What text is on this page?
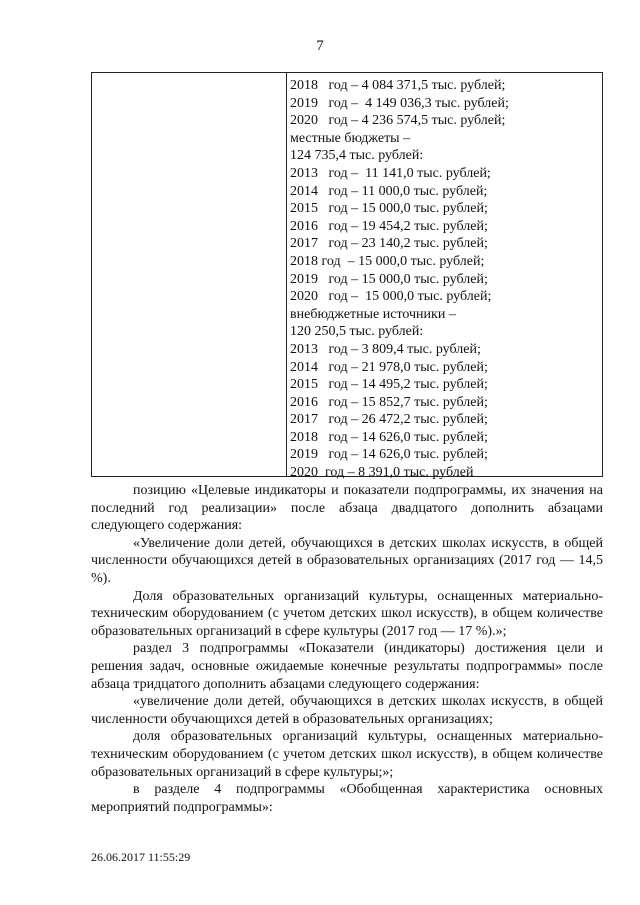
7
2018   год – 4 084 371,5 тыс. рублей;
2019   год –  4 149 036,3 тыс. рублей;
2020   год – 4 236 574,5 тыс. рублей;
местные бюджеты –
124 735,4 тыс. рублей:
2013   год –  11 141,0 тыс. рублей;
2014   год – 11 000,0 тыс. рублей;
2015   год – 15 000,0 тыс. рублей;
2016   год – 19 454,2 тыс. рублей;
2017   год – 23 140,2 тыс. рублей;
2018 год  – 15 000,0 тыс. рублей;
2019   год – 15 000,0 тыс. рублей;
2020   год –  15 000,0 тыс. рублей;
внебюджетные источники –
120 250,5 тыс. рублей:
2013   год – 3 809,4 тыс. рублей;
2014   год – 21 978,0 тыс. рублей;
2015   год – 14 495,2 тыс. рублей;
2016   год – 15 852,7 тыс. рублей;
2017   год – 26 472,2 тыс. рублей;
2018   год – 14 626,0 тыс. рублей;
2019   год – 14 626,0 тыс. рублей;
2020  год – 8 391,0 тыс. рублей

позицию «Целевые индикаторы и показатели подпрограммы, их значения на последний год реализации» после абзаца двадцатого дополнить абзацами следующего содержания:

«Увеличение доли детей, обучающихся в детских школах искусств, в общей численности обучающихся детей в образовательных организациях (2017 год — 14,5 %).

Доля образовательных организаций культуры, оснащенных материально-техническим оборудованием (с учетом детских школ искусств), в общем количестве образовательных организаций в сфере культуры (2017 год — 17 %).»;

раздел 3 подпрограммы «Показатели (индикаторы) достижения цели и решения задач, основные ожидаемые конечные результаты подпрограммы» после абзаца тридцатого дополнить абзацами следующего содержания:

«увеличение доли детей, обучающихся в детских школах искусств, в общей численности обучающихся детей в образовательных организациях;

доля образовательных организаций культуры, оснащенных материально-техническим оборудованием (с учетом детских школ искусств), в общем количестве образовательных организаций в сфере культуры;»;

в разделе 4 подпрограммы «Обобщенная характеристика основных мероприятий подпрограммы»:

26.06.2017 11:55:29
